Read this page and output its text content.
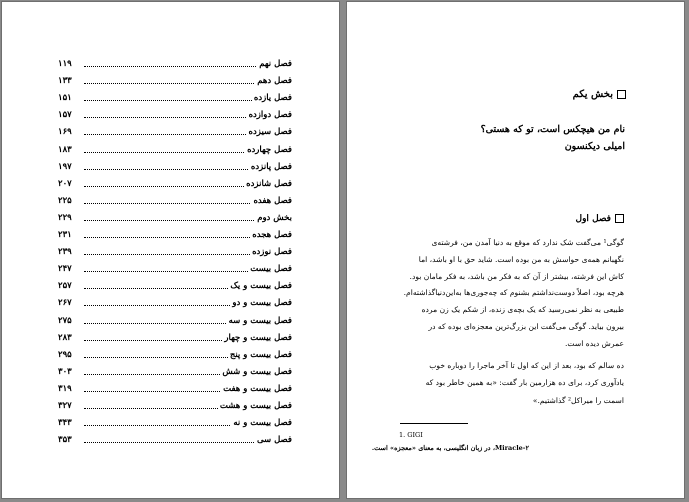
فصل نهم
۱۱۹
فصل دهم
۱۳۳
فصل یازده
۱۵۱
فصل دوازده
۱۵۷
فصل سیزده
۱۶۹
فصل چهارده
۱۸۳
فصل پانزده
۱۹۷
فصل شانزده
۲۰۷
فصل هفده
۲۲۵
بخش دوم
۲۲۹
فصل هجده
۲۳۱
فصل نوزده
۲۳۹
فصل بیست
۲۴۷
فصل بیست و یک
۲۵۷
فصل بیست و دو
۲۶۷
فصل بیست و سه
۲۷۵
فصل بیست و چهار
۲۸۳
فصل بیست و پنج
۲۹۵
فصل بیست و شش
۳۰۳
فصل بیست و هفت
۳۱۹
فصل بیست و هشت
۳۲۷
فصل بیست و نه
۳۴۳
فصل سی
۳۵۳
بخش یکم
نام من هیچکس است، تو که هستی؟
امیلی دیکنسون
فصل اول
گوگی¹ می‌گفت شک ندارد که موقع به دنیا آمدن من، فرشته‌ی
نگهبانم همه‌ی حواسش به من بوده است. شاید حق با او باشد، اما
کاش این فرشته، بیشتر از آن که به فکر من باشد، به فکر مامان بود.
هرچه بود، اصلاً دوست‌نداشتم بشنوم که چه‌جوری‌ها به‌این‌دنیاگذاشته‌ام.
طبیعی به نظر نمی‌رسید که یک بچه‌ی زنده، از شکم یک زن مرده
بیرون بیاید. گوگی می‌گفت این بزرگ‌ترین معجزه‌ای بوده که در
عمرش دیده است.
ده سالم که بود، بعد از این که اول تا آخر ماجرا را دوباره خوب
یادآوری کرد، برای ده هزارمین بار گفت: «به همین خاطر بود که
اسمت را میراکل² گذاشتیم.»
1. GIGI
Miracle-۲، در زبان انگلیسی، به معنای «معجزه» است.
